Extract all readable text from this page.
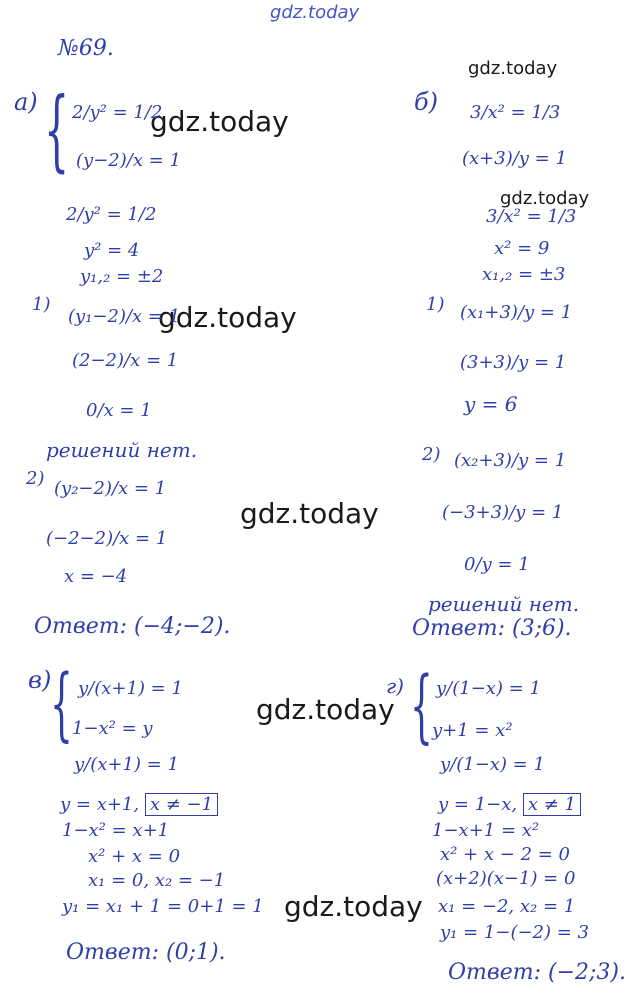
gdz.today
gdz.today
gdz.today
gdz.today
gdz.today
gdz.today
gdz.today
gdz.today
№69.
a) { 2/y² = 1/2
(y−2)/x = 1
2/y² = 1/2
y² = 4
y₁,₂ = ±2
1)
(y₁−2)/x = 1
(2−2)/x = 1
0/x = 1
решений нет.
2) (y₂−2)/x = 1
(−2−2)/x = 1
x = −4
Ответ: (−4;−2).
б) 3/x² = 1/3
(x+3)/y = 1
3/x² = 1/3
x² = 9
x₁,₂ = ±3
1) (x₁+3)/y = 1
(3+3)/y = 1
y = 6
2) (x₂+3)/y = 1
(−3+3)/y = 1
0/y = 1
решений нет.
Ответ: (3;6).
в)
{ y/(x+1) = 1
1−x² = y
y/(x+1) = 1
y = x+1, x ≠ −1
1−x² = x+1
x² + x = 0
x₁ = 0, x₂ = −1
y₁ = x₁ + 1 = 0+1 = 1
Ответ: (0;1).
г) { y/(1−x) = 1
y+1 = x²
y/(1−x) = 1
y = 1−x, x ≠ 1
1−x+1 = x²
x² + x − 2 = 0
(x+2)(x−1) = 0
x₁ = −2, x₂ = 1
y₁ = 1−(−2) = 3
Ответ: (−2;3).
